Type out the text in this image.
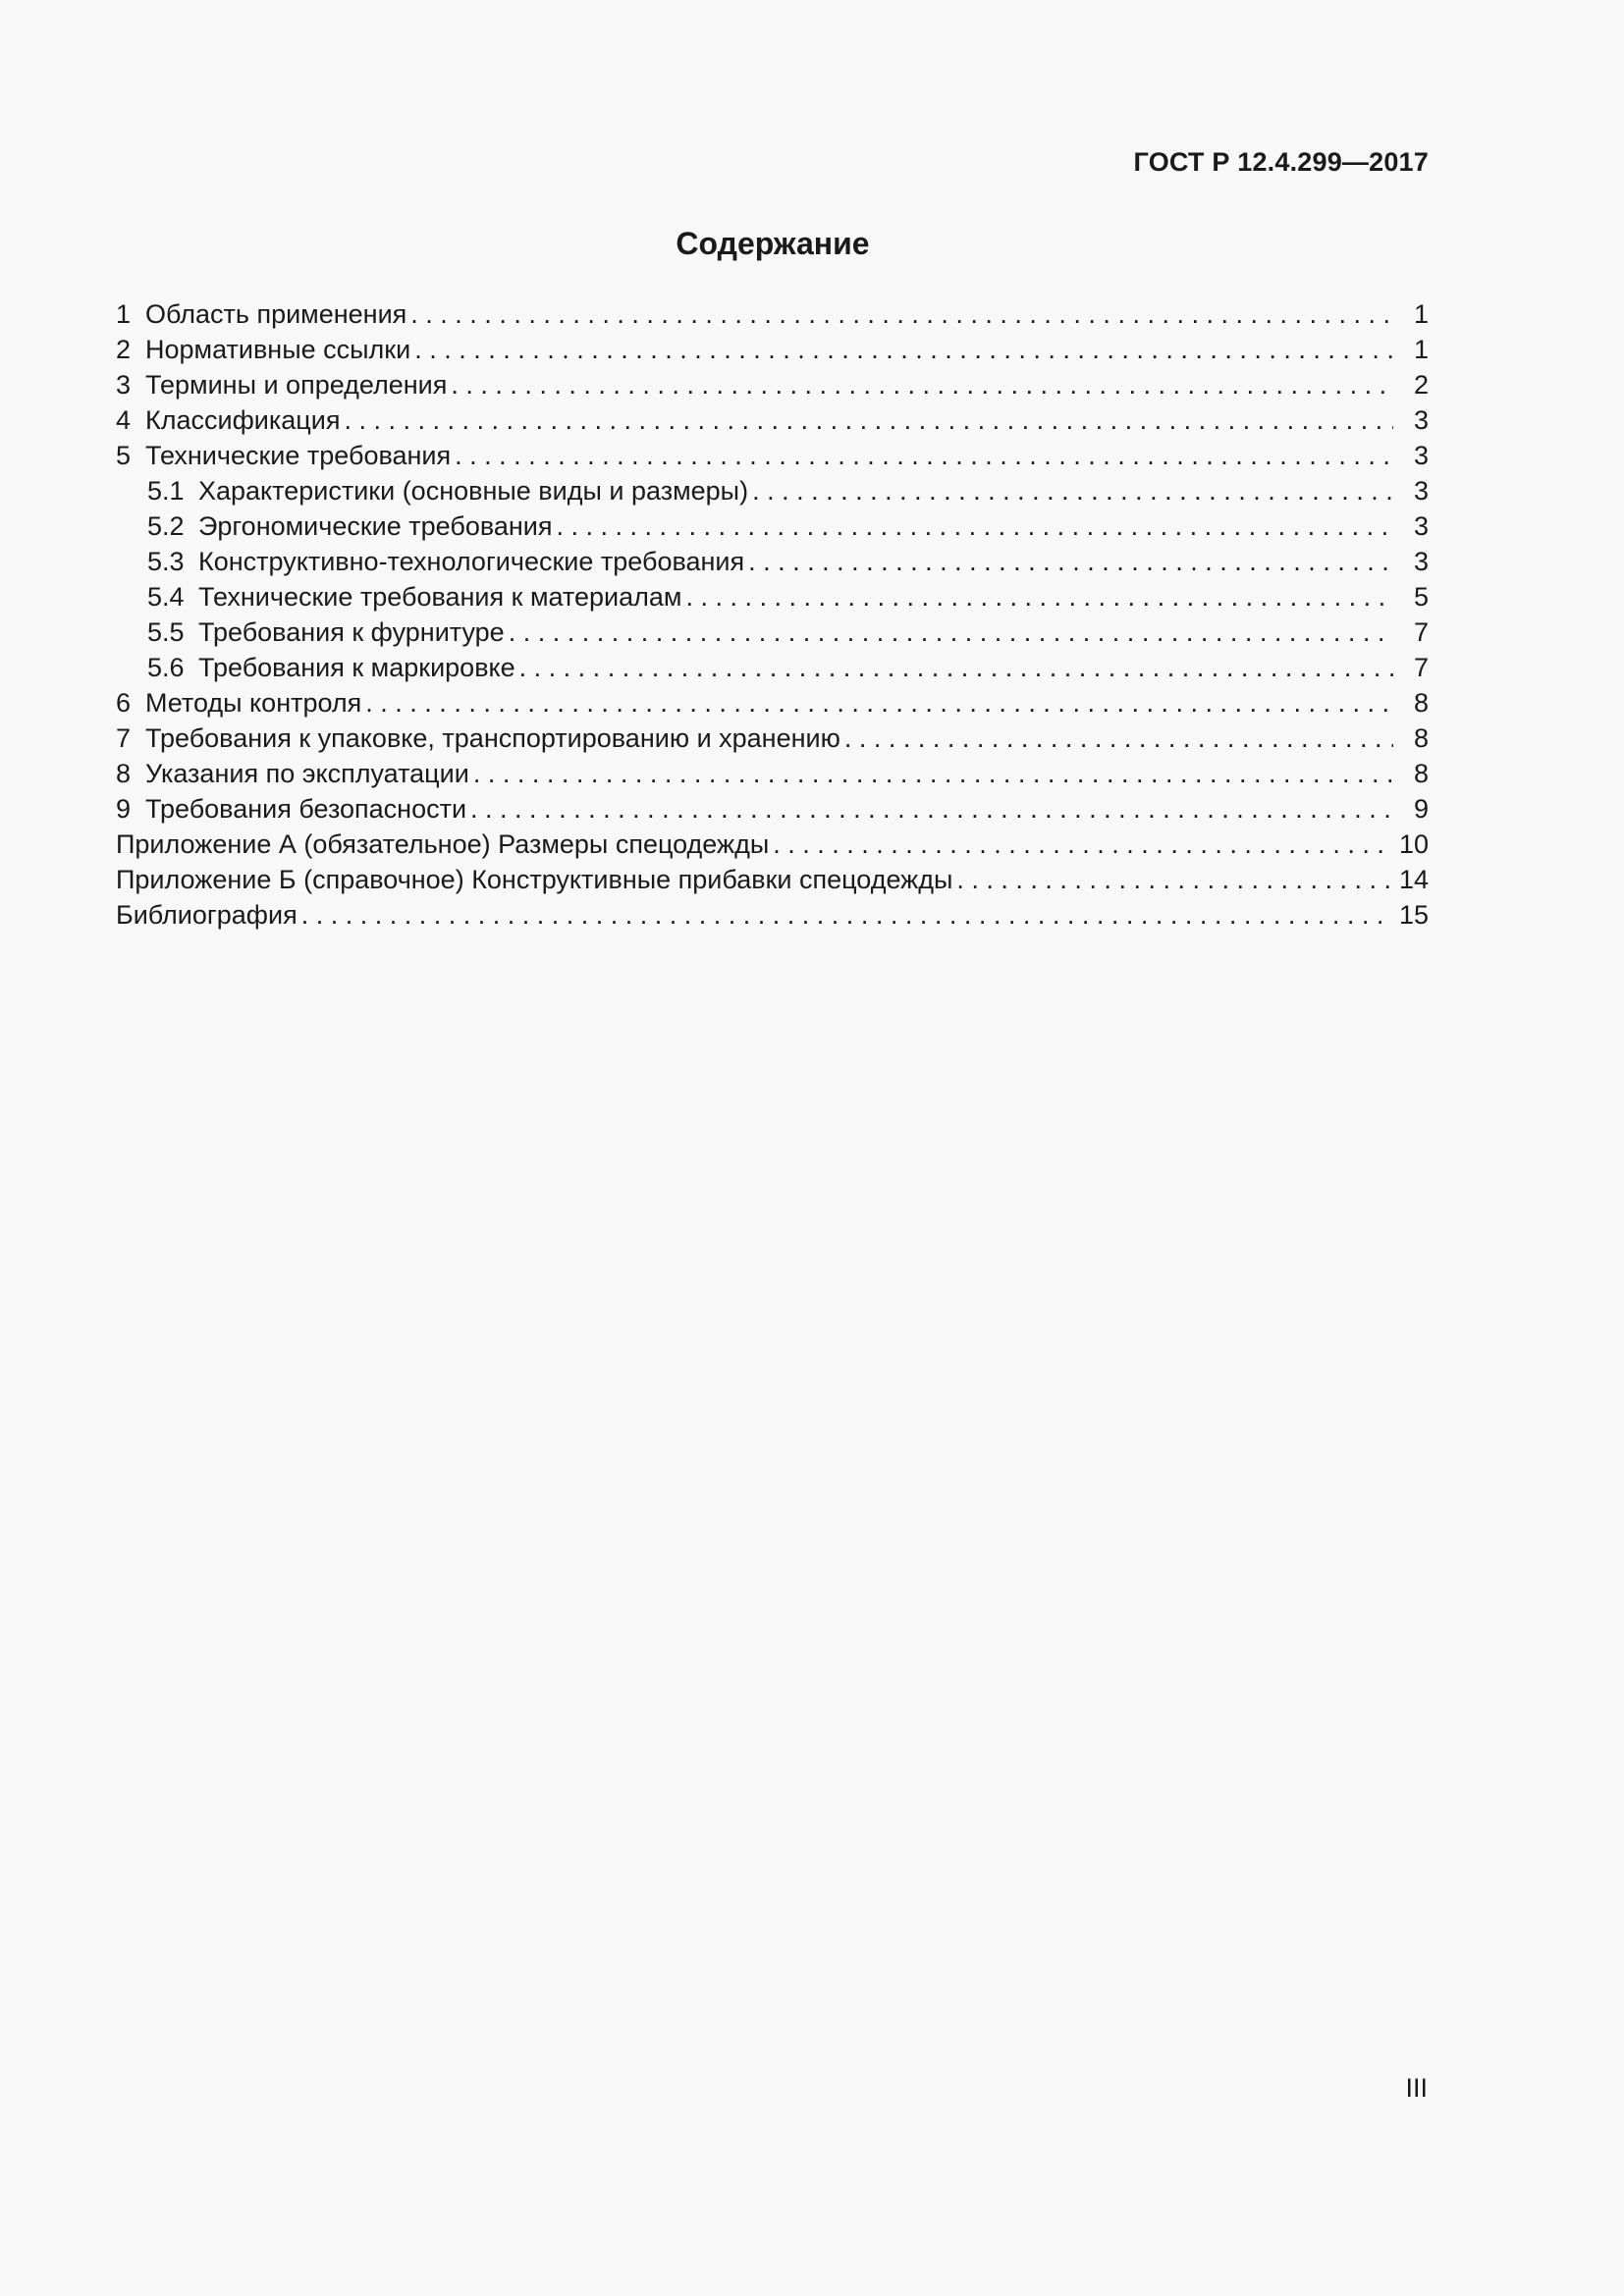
ГОСТ Р 12.4.299—2017
Содержание
1 Область применения . . .	1
2 Нормативные ссылки . . .	1
3 Термины и определения . . .	2
4 Классификация . . .	3
5 Технические требования . . .	3
5.1 Характеристики (основные виды и размеры) . . .	3
5.2 Эргономические требования . . .	3
5.3 Конструктивно-технологические требования . . .	3
5.4 Технические требования к материалам . . .	5
5.5 Требования к фурнитуре . . .	7
5.6 Требования к маркировке . . .	7
6 Методы контроля . . .	8
7 Требования к упаковке, транспортированию и хранению . . .	8
8 Указания по эксплуатации . . .	8
9 Требования безопасности . . .	9
Приложение А (обязательное) Размеры спецодежды . . .	10
Приложение Б (справочное) Конструктивные прибавки спецодежды . . .	14
Библиография . . .	15
III
